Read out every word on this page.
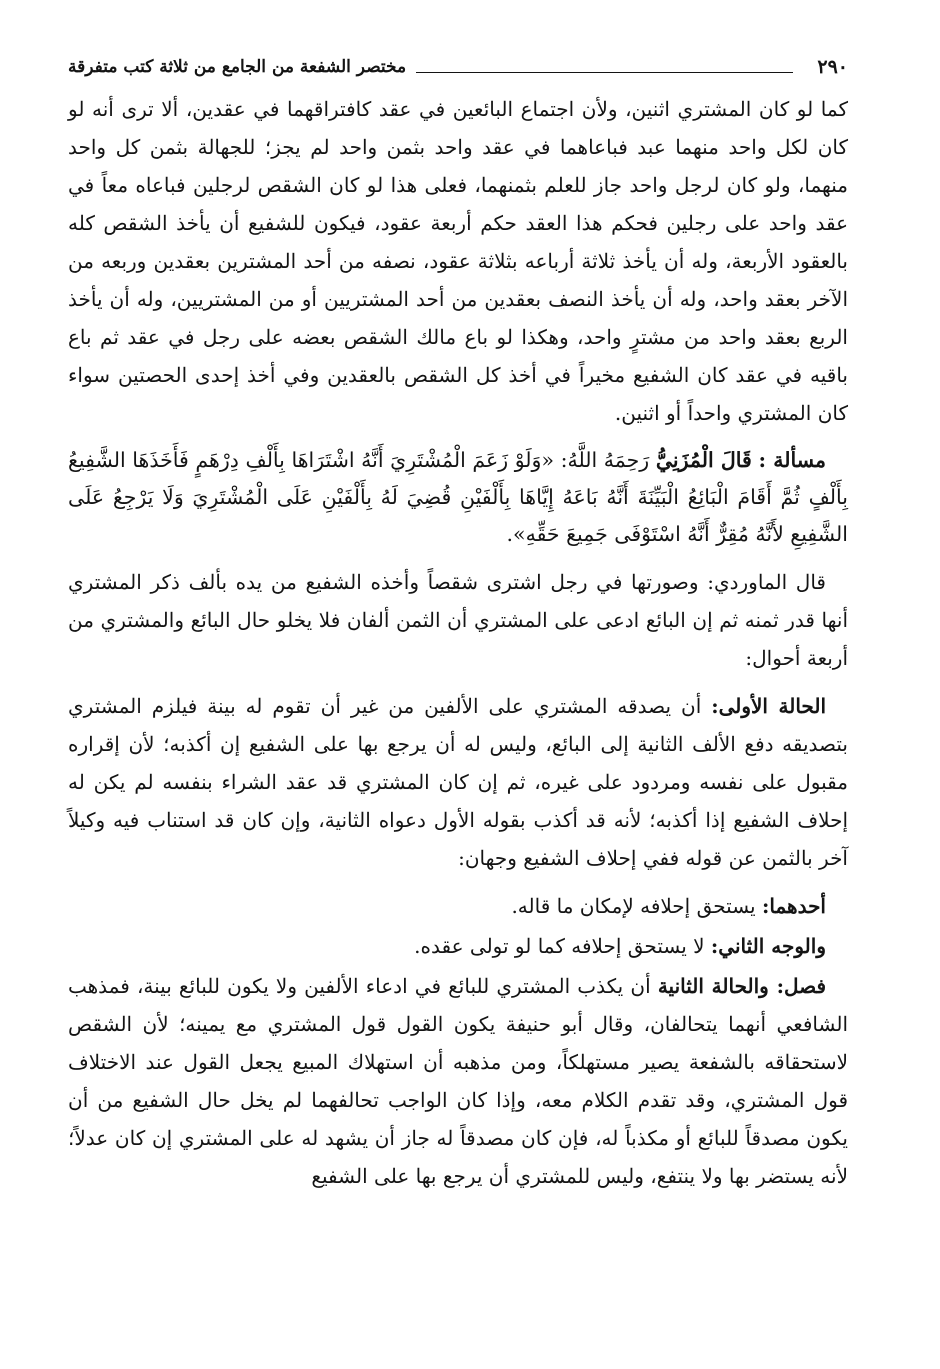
٢٩٠
مختصر الشفعة من الجامع من ثلاثة كتب متفرقة

كما لو كان المشتري اثنين، ولأن اجتماع البائعين في عقد كافتراقهما في عقدين، ألا ترى أنه لو كان لكل واحد منهما عبد فباعاهما في عقد واحد بثمن واحد لم يجز؛ للجهالة بثمن كل واحد منهما، ولو كان لرجل واحد جاز للعلم بثمنهما، فعلى هذا لو كان الشقص لرجلين فباعاه معاً في عقد واحد على رجلين فحكم هذا العقد حكم أربعة عقود، فيكون للشفيع أن يأخذ الشقص كله بالعقود الأربعة، وله أن يأخذ ثلاثة أرباعه بثلاثة عقود، نصفه من أحد المشترين بعقدين وربعه من الآخر بعقد واحد، وله أن يأخذ النصف بعقدين من أحد المشتريين أو من المشتريين، وله أن يأخذ الربع بعقد واحد من مشترٍ واحد، وهكذا لو باع مالك الشقص بعضه على رجل في عقد ثم باع باقيه في عقد كان الشفيع مخيراً في أخذ كل الشقص بالعقدين وفي أخذ إحدى الحصتين سواء كان المشتري واحداً أو اثنين.

مسألة : قَالَ الْمُزَنِيُّ رَحِمَهُ اللَّهُ: «وَلَوْ زَعَمَ الْمُشْتَرِيَ أَنَّهُ اشْتَرَاهَا بِأَلْفِ دِرْهَمٍ فَأَخَذَهَا الشَّفِيعُ بِأَلْفٍ ثُمَّ أَقَامَ الْبَائِعُ الْبَيِّنَةَ أَنَّهُ بَاعَهُ إِيَّاهَا بِأَلْفَيْنِ قُضِيَ لَهُ بِأَلْفَيْنِ عَلَى الْمُشْتَرِيَ وَلَا يَرْجِعُ عَلَى الشَّفِيعِ لأَنَّهُ مُقِرٌّ أَنَّهُ اسْتَوْفَى جَمِيعَ حَقِّهِ».

قال الماوردي: وصورتها في رجل اشترى شقصاً وأخذه الشفيع من يده بألف ذكر المشتري أنها قدر ثمنه ثم إن البائع ادعى على المشتري أن الثمن ألفان فلا يخلو حال البائع والمشتري من أربعة أحوال:

الحالة الأولى: أن يصدقه المشتري على الألفين من غير أن تقوم له بينة فيلزم المشتري بتصديقه دفع الألف الثانية إلى البائع، وليس له أن يرجع بها على الشفيع إن أكذبه؛ لأن إقراره مقبول على نفسه ومردود على غيره، ثم إن كان المشتري قد عقد الشراء بنفسه لم يكن له إحلاف الشفيع إذا أكذبه؛ لأنه قد أكذب بقوله الأول دعواه الثانية، وإن كان قد استناب فيه وكيلاً آخر بالثمن عن قوله ففي إحلاف الشفيع وجهان:

أحدهما: يستحق إحلافه لإمكان ما قاله.

والوجه الثاني: لا يستحق إحلافه كما لو تولى عقده.

فصل: والحالة الثانية أن يكذب المشتري للبائع في ادعاء الألفين ولا يكون للبائع بينة، فمذهب الشافعي أنهما يتحالفان، وقال أبو حنيفة يكون القول قول المشتري مع يمينه؛ لأن الشقص لاستحقاقه بالشفعة يصير مستهلكاً، ومن مذهبه أن استهلاك المبيع يجعل القول عند الاختلاف قول المشتري، وقد تقدم الكلام معه، وإذا كان الواجب تحالفهما لم يخل حال الشفيع من أن يكون مصدقاً للبائع أو مكذباً له، فإن كان مصدقاً له جاز أن يشهد له على المشتري إن كان عدلاً؛ لأنه يستضر بها ولا ينتفع، وليس للمشتري أن يرجع بها على الشفيع
